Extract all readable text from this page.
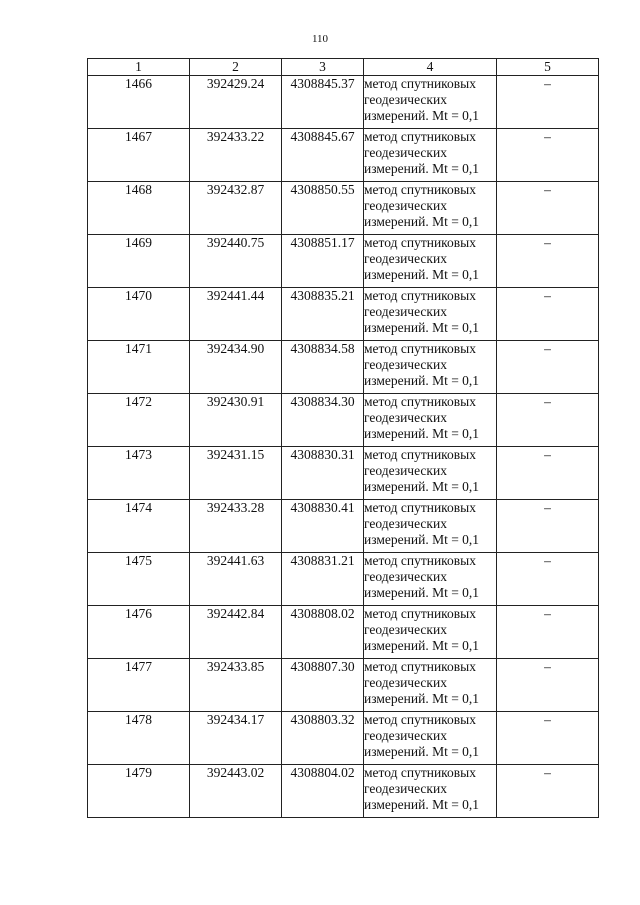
110
1	2	3	4	5
1466	392429.24	4308845.37	метод спутниковых
геодезических
измерений. Mt = 0,1	–
1467	392433.22	4308845.67	метод спутниковых
геодезических
измерений. Mt = 0,1	–
1468	392432.87	4308850.55	метод спутниковых
геодезических
измерений. Mt = 0,1	–
1469	392440.75	4308851.17	метод спутниковых
геодезических
измерений. Mt = 0,1	–
1470	392441.44	4308835.21	метод спутниковых
геодезических
измерений. Mt = 0,1	–
1471	392434.90	4308834.58	метод спутниковых
геодезических
измерений. Mt = 0,1	–
1472	392430.91	4308834.30	метод спутниковых
геодезических
измерений. Mt = 0,1	–
1473	392431.15	4308830.31	метод спутниковых
геодезических
измерений. Mt = 0,1	–
1474	392433.28	4308830.41	метод спутниковых
геодезических
измерений. Mt = 0,1	–
1475	392441.63	4308831.21	метод спутниковых
геодезических
измерений. Mt = 0,1	–
1476	392442.84	4308808.02	метод спутниковых
геодезических
измерений. Mt = 0,1	–
1477	392433.85	4308807.30	метод спутниковых
геодезических
измерений. Mt = 0,1	–
1478	392434.17	4308803.32	метод спутниковых
геодезических
измерений. Mt = 0,1	–
1479	392443.02	4308804.02	метод спутниковых
геодезических
измерений. Mt = 0,1	–
